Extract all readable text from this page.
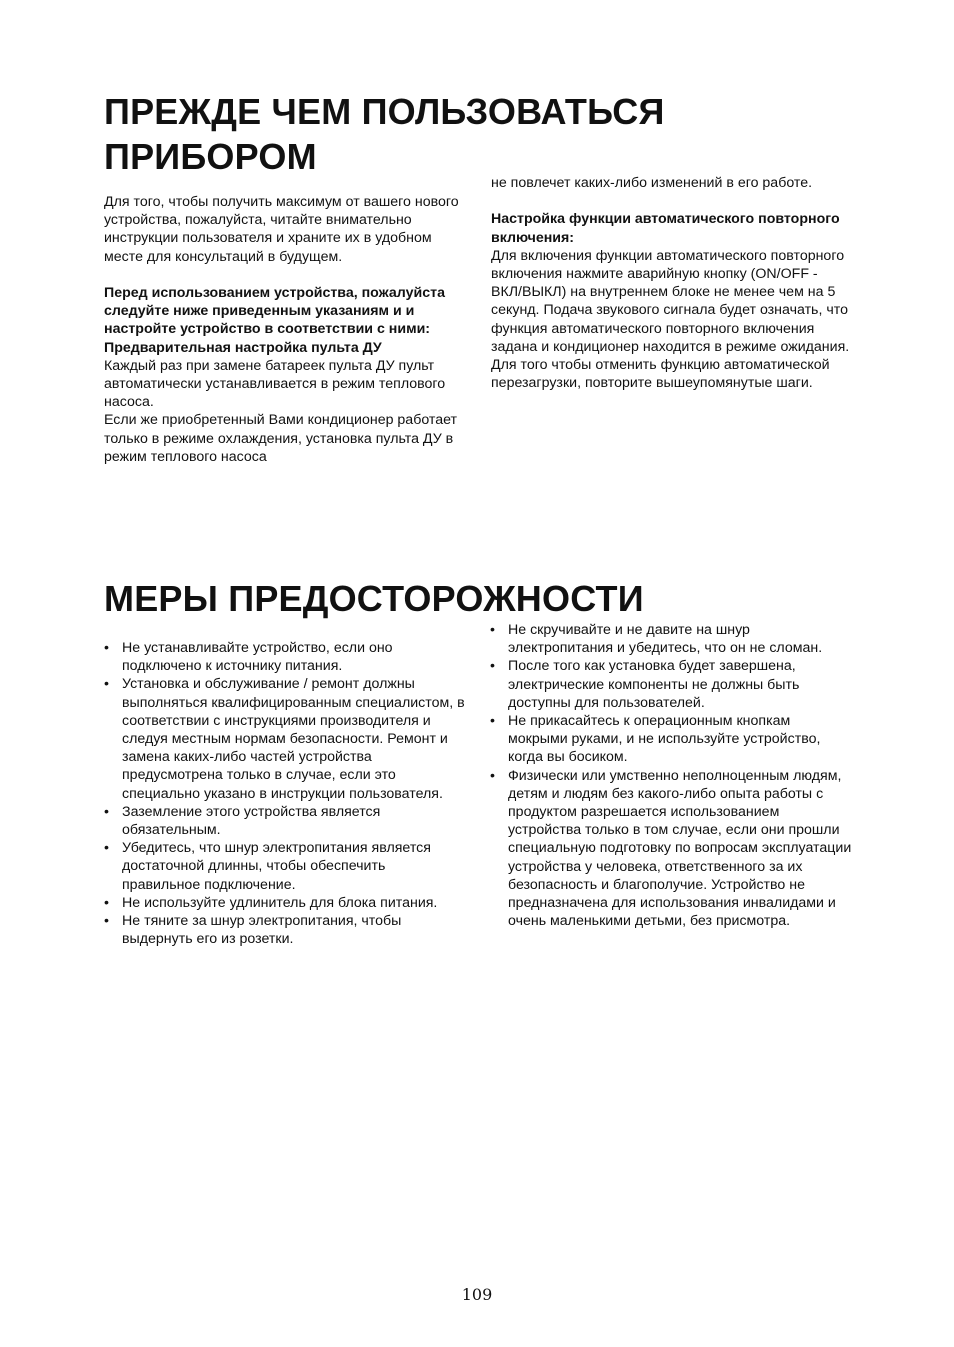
ПРЕЖДЕ ЧЕМ ПОЛЬЗОВАТЬСЯ
ПРИБОРОМ

Для того, чтобы получить максимум от вашего нового устройства, пожалуйста, читайте внимательно инструкции пользователя и храните их в удобном месте для консультаций в будущем.

Перед использованием устройства, пожалуйста следуйте ниже приведенным указаниям и и настройте устройство в соответствии с ними:

Предварительная настройка пульта ДУ

Каждый раз при замене батареек пульта ДУ пульт автоматически устанавливается в режим теплового насоса.

Если же приобретенный Вами кондиционер работает только в режиме охлаждения, установка пульта ДУ в режим теплового насоса

не повлечет каких-либо изменений в его работе.

Настройка функции автоматического повторного включения:

Для включения функции автоматического повторного включения нажмите аварийную кнопку (ON/OFF - ВКЛ/ВЫКЛ) на внутреннем блоке не менее чем на 5 секунд. Подача звукового сигнала будет означать, что функция автоматического повторного включения задана и кондиционер находится в режиме ожидания. Для того чтобы отменить функцию автоматической перезагрузки, повторите вышеупомянутые шаги.

МЕРЫ ПРЕДОСТОРОЖНОСТИ
• Не устанавливайте устройство, если оно подключено к источнику питания.
• Установка и обслуживание / ремонт должны выполняться квалифицированным специалистом, в соответствии с инструкциями производителя и следуя местным нормам безопасности. Ремонт и замена каких-либо частей устройства предусмотрена только в случае, если это специально указано в инструкции пользователя.
• Заземление этого устройства является обязательным.
• Убедитесь, что шнур электропитания является достаточной длинны, чтобы обеспечить правильное подключение.
• Не используйте удлинитель для блока питания.
• Не тяните за шнур электропитания, чтобы выдернуть его из розетки.
• Не скручивайте и не давите на шнур электропитания и убедитесь, что он не сломан.
• После того как установка будет завершена, электрические компоненты не должны быть доступны для пользователей.
• Не прикасайтесь к операционным кнопкам мокрыми руками, и не используйте устройство, когда вы босиком.
• Физически или умственно неполноценным людям, детям и людям без какого-либо опыта работы с продуктом разрешается использованием устройства только в том случае, если они прошли специальную подготовку по вопросам эксплуатации устройства у человека, ответственного за их безопасность и благополучие. Устройство не предназначена для использования инвалидами и очень маленькими детьми, без присмотра.
109
